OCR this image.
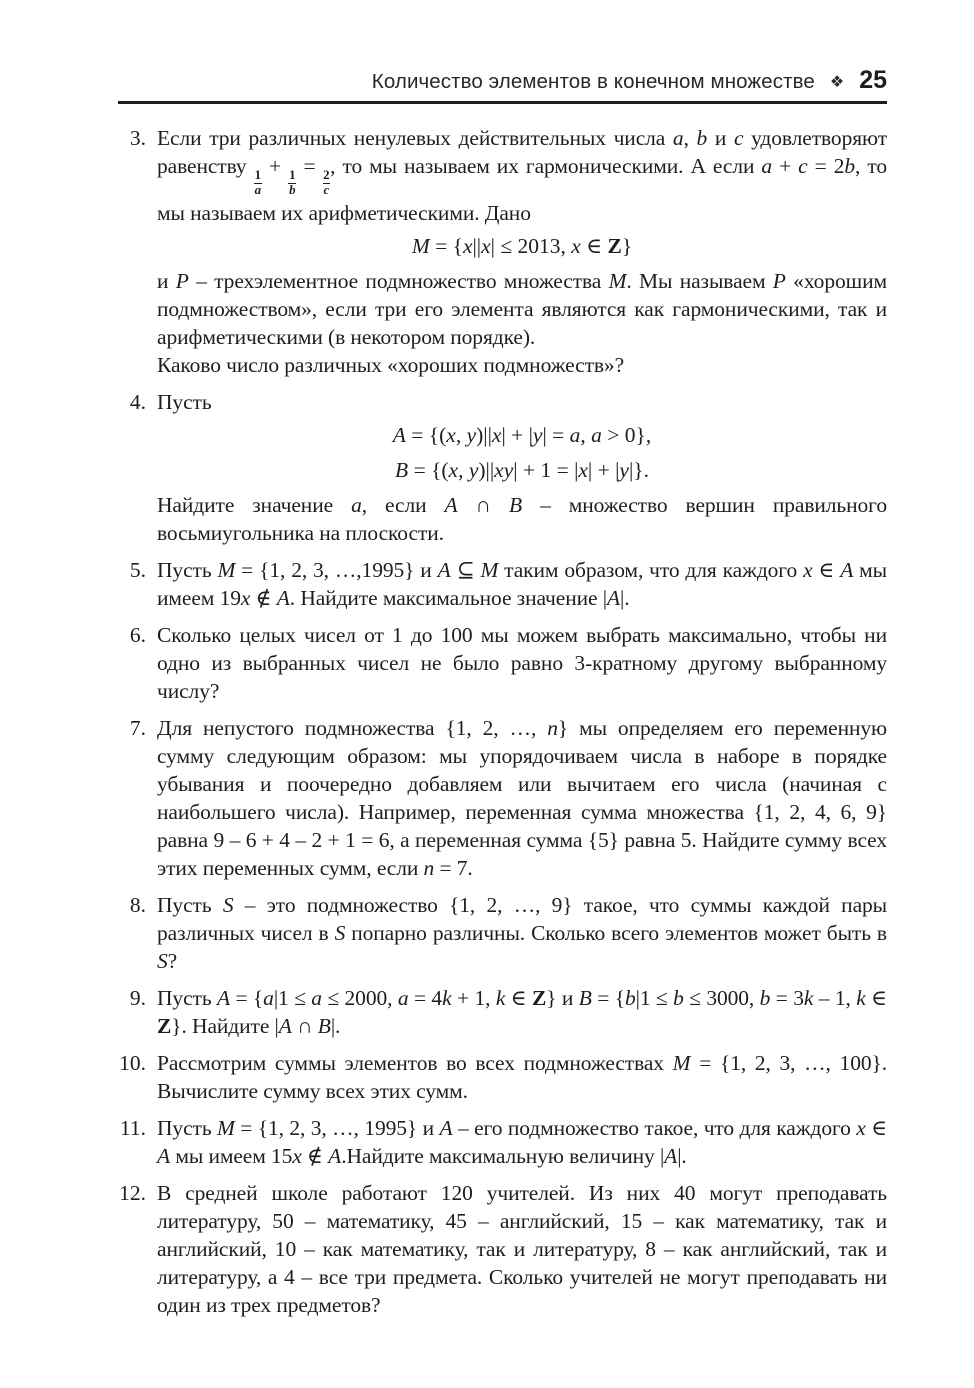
Количество элементов в конечном множестве ❖ 25
3. Если три различных ненулевых действительных числа a, b и c удовлетворяют равенству
$\frac{1}{a}$
+
$\frac{1}{b}$
=
$\frac{2}{c}$
, то мы называем их гармоническими. А если a + c = 2b, то мы называем их арифметическими. Дано
M = {x||x| ≤ 2013, x ∈ Z}
и P – трехэлементное подмножество множества M. Мы называем P «хорошим подмножеством», если три его элемента являются как гармоническими, так и арифметическими (в некотором порядке).
Каково число различных «хороших подмножеств»?
4. Пусть
A = {(x, y)||x| + |y| = a, a > 0},
B = {(x, y)||xy| + 1 = |x| + |y|}.
Найдите значение a, если A ∩ B – множество вершин правильного восьмиугольника на плоскости.
5. Пусть M = {1, 2, 3, …,1995} и A ⊆ M таким образом, что для каждого x ∈ A мы имеем 19x ∉ A. Найдите максимальное значение |A|.
6. Сколько целых чисел от 1 до 100 мы можем выбрать максимально, чтобы ни одно из выбранных чисел не было равно 3-кратному другому выбранному числу?
7. Для непустого подмножества {1, 2, …, n} мы определяем его переменную сумму следующим образом: мы упорядочиваем числа в наборе в порядке убывания и поочередно добавляем или вычитаем его числа (начиная с наибольшего числа). Например, переменная сумма множества {1, 2, 4, 6, 9} равна 9 – 6 + 4 – 2 + 1 = 6, а переменная сумма {5} равна 5. Найдите сумму всех этих переменных сумм, если n = 7.
8. Пусть S – это подмножество {1, 2, …, 9} такое, что суммы каждой пары различных чисел в S попарно различны. Сколько всего элементов может быть в S?
9. Пусть A = {a|1 ≤ a ≤ 2000, a = 4k + 1, k ∈ Z} и B = {b|1 ≤ b ≤ 3000, b = 3k – 1, k ∈ Z}. Найдите |A ∩ B|.
10. Рассмотрим суммы элементов во всех подмножествах M = {1, 2, 3, …, 100}. Вычислите сумму всех этих сумм.
11. Пусть M = {1, 2, 3, …, 1995} и A – его подмножество такое, что для каждого x ∈ A мы имеем 15x ∉ A.Найдите максимальную величину |A|.
12. В средней школе работают 120 учителей. Из них 40 могут преподавать литературу, 50 – математику, 45 – английский, 15 – как математику, так и английский, 10 – как математику, так и литературу, 8 – как английский, так и литературу, а 4 – все три предмета. Сколько учителей не могут преподавать ни один из трех предметов?
